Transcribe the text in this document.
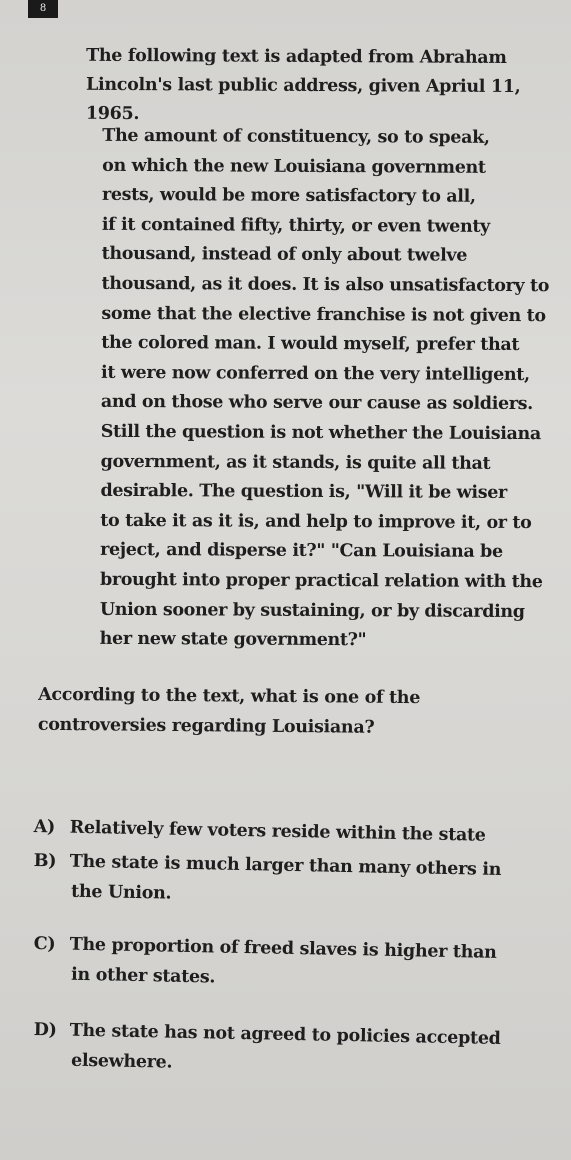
8
The following text is adapted from Abraham
Lincoln's last public address, given Apriul 11, 1965.
The amount of constituency, so to speak,
on which the new Louisiana government
rests, would be more satisfactory to all,
if it contained fifty, thirty, or even twenty
thousand, instead of only about twelve
thousand, as it does. It is also unsatisfactory to
some that the elective franchise is not given to
the colored man. I would myself, prefer that
it were now conferred on the very intelligent,
and on those who serve our cause as soldiers.
Still the question is not whether the Louisiana
government, as it stands, is quite all that
desirable. The question is, "Will it be wiser
to take it as it is, and help to improve it, or to
reject, and disperse it?" "Can Louisiana be
brought into proper practical relation with the
Union sooner by sustaining, or by discarding
her new state government?"
According to the text, what is one of the
controversies regarding Louisiana?
A) Relatively few voters reside within the state
B) The state is much larger than many others in
the Union.
C) The proportion of freed slaves is higher than
in other states.
D) The state has not agreed to policies accepted
elsewhere.
